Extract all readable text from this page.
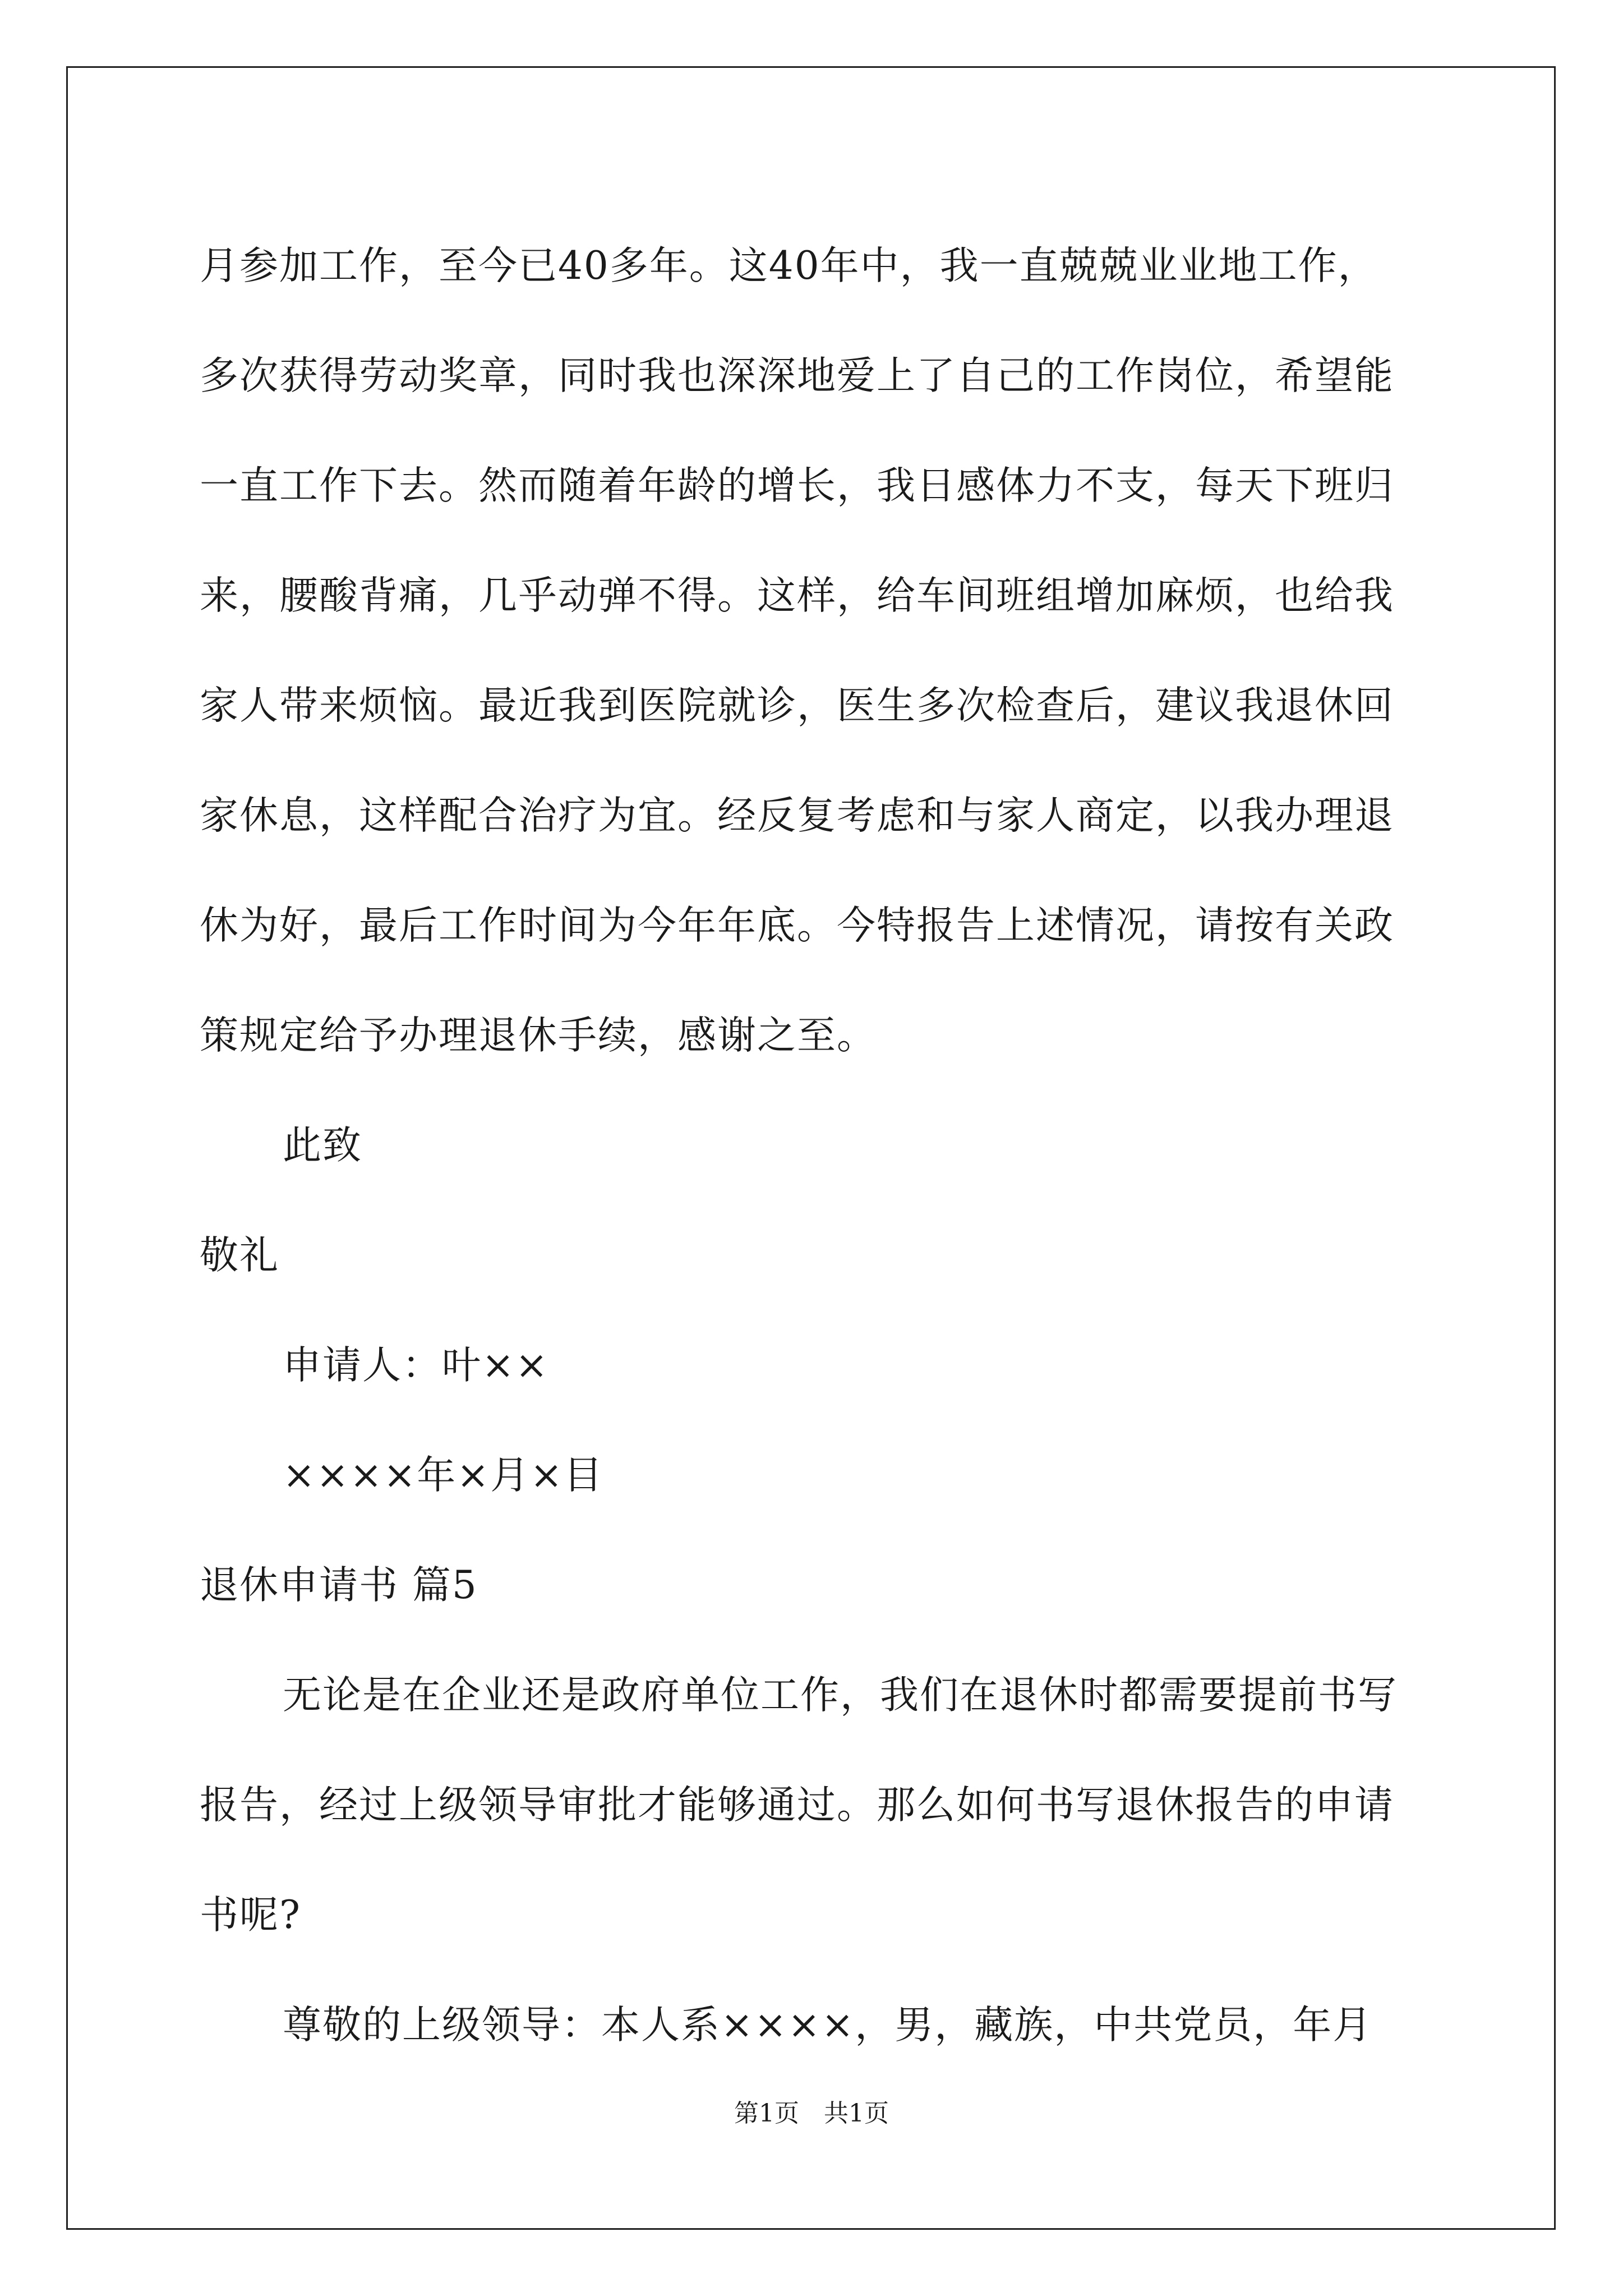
月参加工作，至今已40多年。这40年中，我一直兢兢业业地工作，
多次获得劳动奖章，同时我也深深地爱上了自己的工作岗位，希望能
一直工作下去。然而随着年龄的增长，我日感体力不支，每天下班归
来，腰酸背痛，几乎动弹不得。这样，给车间班组增加麻烦，也给我
家人带来烦恼。最近我到医院就诊，医生多次检查后，建议我退休回
家休息，这样配合治疗为宜。经反复考虑和与家人商定，以我办理退
休为好，最后工作时间为今年年底。今特报告上述情况，请按有关政
策规定给予办理退休手续，感谢之至。
此致
敬礼
申请人：叶××
××××年×月×目
退休申请书 篇5
无论是在企业还是政府单位工作，我们在退休时都需要提前书写
报告，经过上级领导审批才能够通过。那么如何书写退休报告的申请
书呢?
尊敬的上级领导：本人系××××，男，藏族，中共党员，年月
第1页　共1页
